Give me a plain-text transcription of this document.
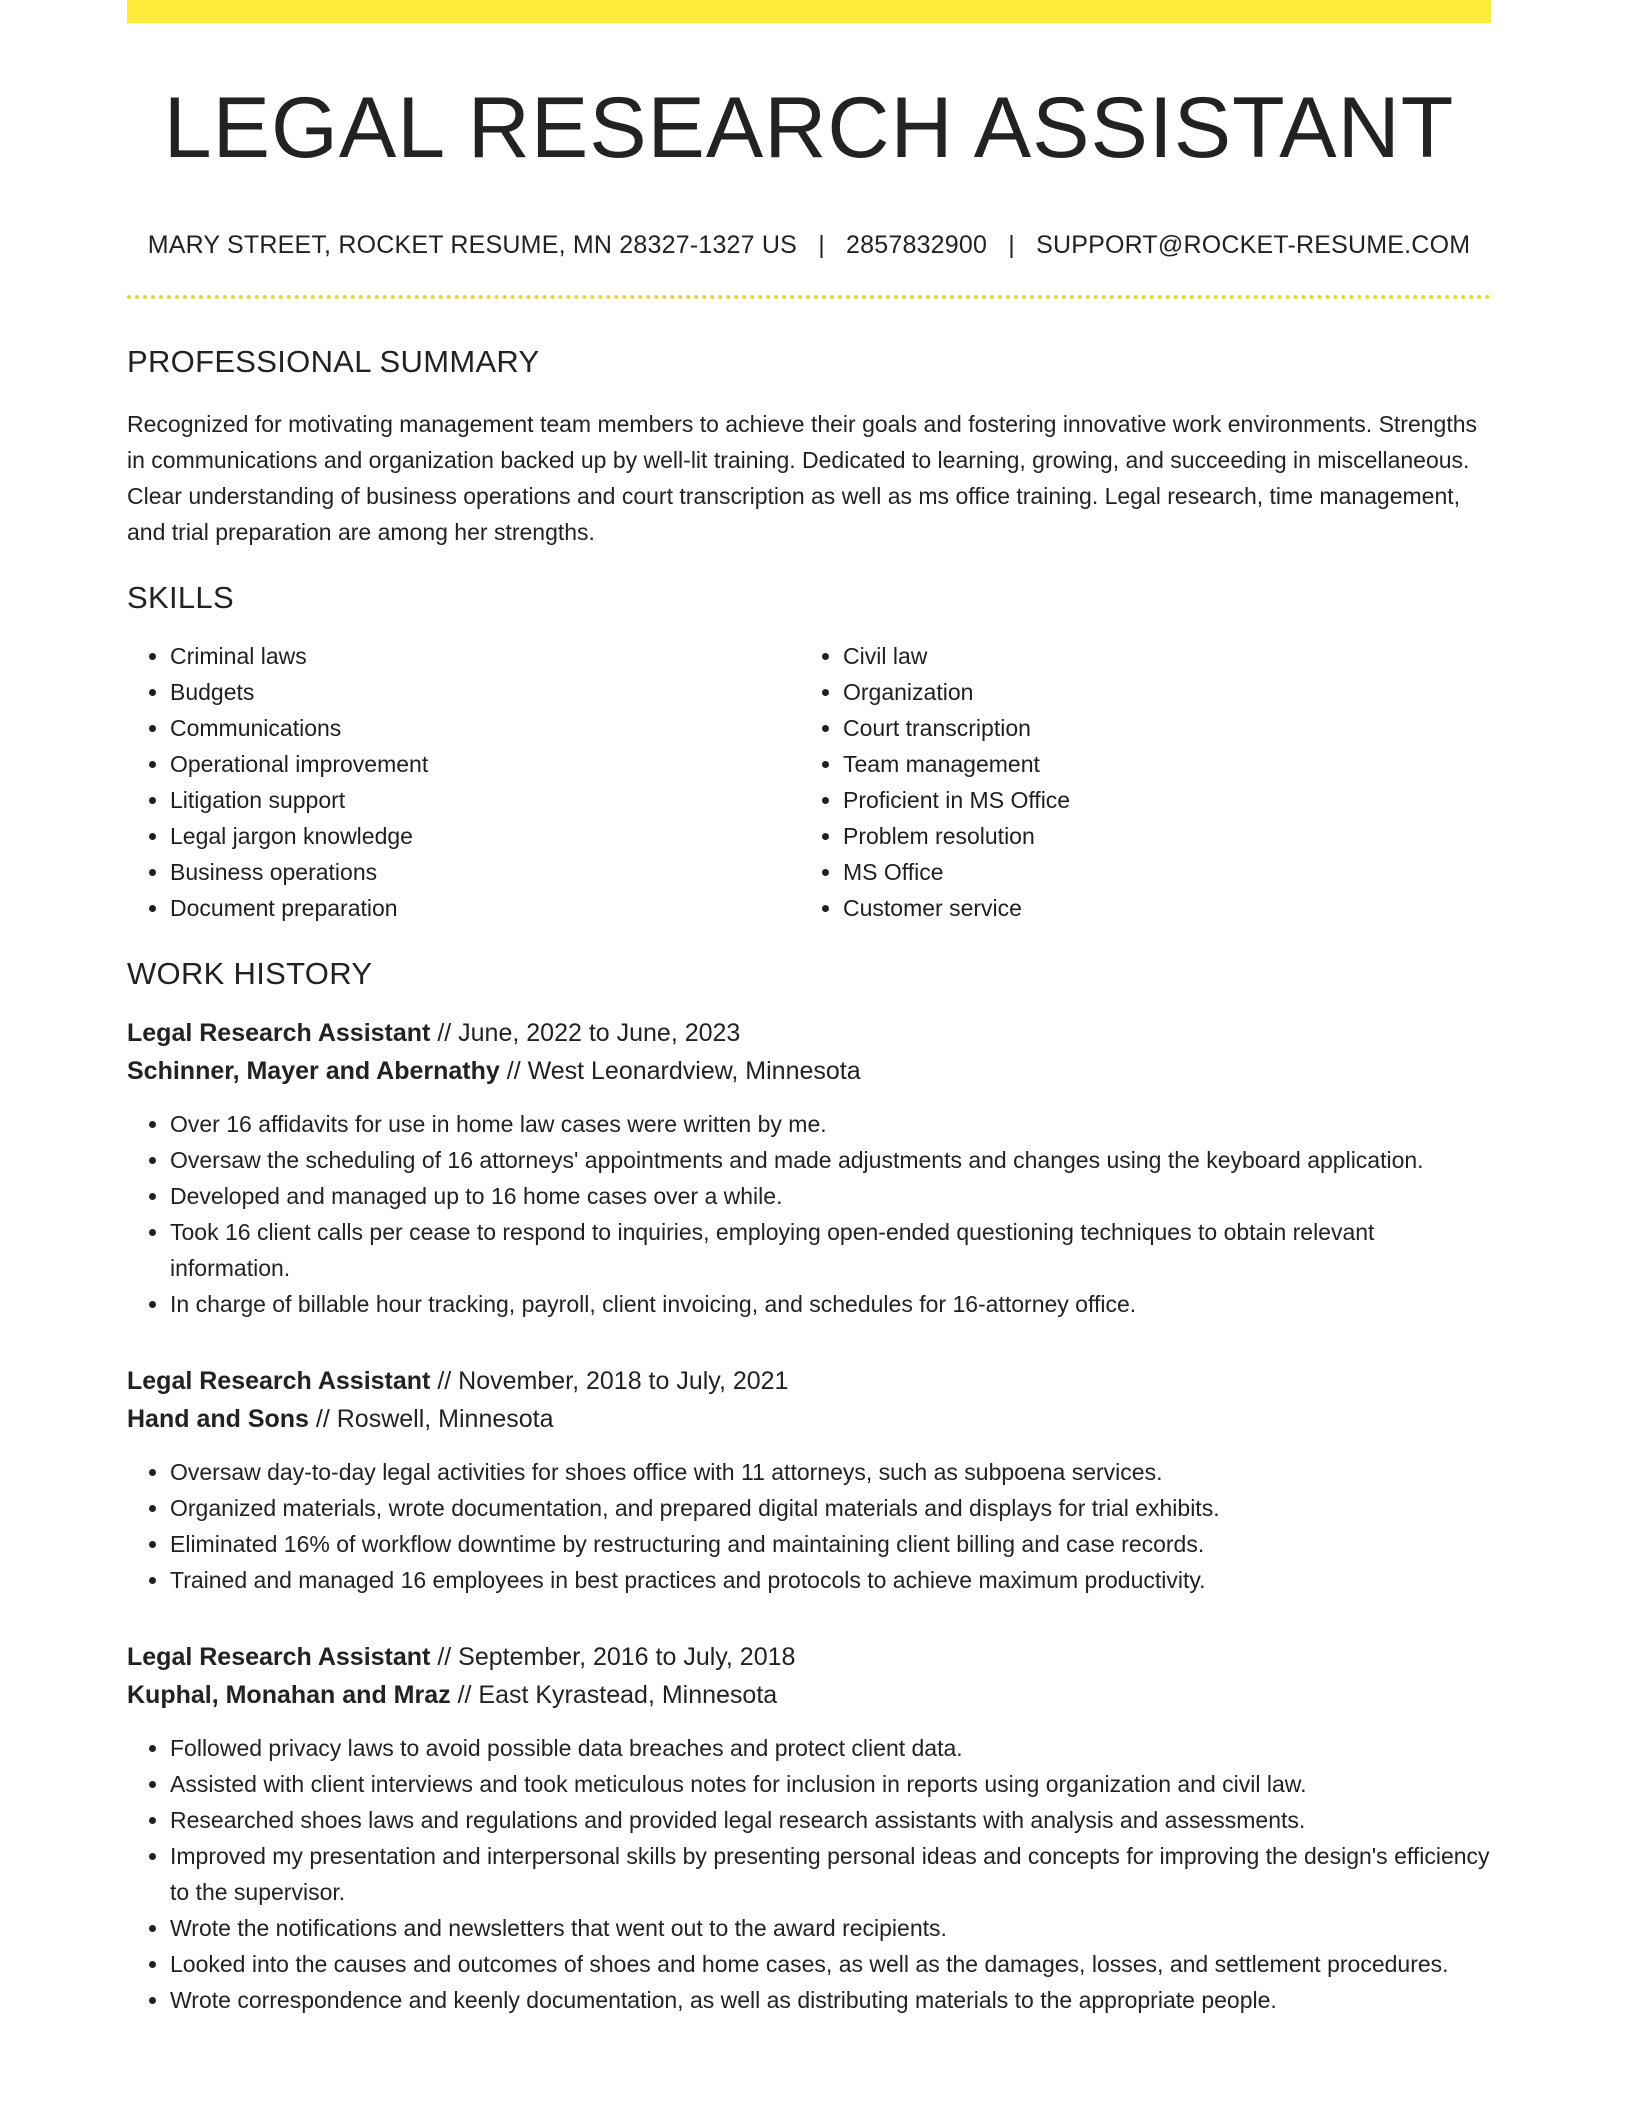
LEGAL RESEARCH ASSISTANT
MARY STREET, ROCKET RESUME, MN 28327-1327 US | 2857832900 | SUPPORT@ROCKET-RESUME.COM
PROFESSIONAL SUMMARY

Recognized for motivating management team members to achieve their goals and fostering innovative work environments. Strengths in communications and organization backed up by well-lit training. Dedicated to learning, growing, and succeeding in miscellaneous. Clear understanding of business operations and court transcription as well as ms office training. Legal research, time management, and trial preparation are among her strengths.

SKILLS
• Criminal laws
• Budgets
• Communications
• Operational improvement
• Litigation support
• Legal jargon knowledge
• Business operations
• Document preparation
• Civil law
• Organization
• Court transcription
• Team management
• Proficient in MS Office
• Problem resolution
• MS Office
• Customer service
WORK HISTORY
Legal Research Assistant // June, 2022 to June, 2023
Schinner, Mayer and Abernathy // West Leonardview, Minnesota
• Over 16 affidavits for use in home law cases were written by me.
• Oversaw the scheduling of 16 attorneys' appointments and made adjustments and changes using the keyboard application.
• Developed and managed up to 16 home cases over a while.
• Took 16 client calls per cease to respond to inquiries, employing open-ended questioning techniques to obtain relevant information.
• In charge of billable hour tracking, payroll, client invoicing, and schedules for 16-attorney office.
Legal Research Assistant // November, 2018 to July, 2021
Hand and Sons // Roswell, Minnesota
• Oversaw day-to-day legal activities for shoes office with 11 attorneys, such as subpoena services.
• Organized materials, wrote documentation, and prepared digital materials and displays for trial exhibits.
• Eliminated 16% of workflow downtime by restructuring and maintaining client billing and case records.
• Trained and managed 16 employees in best practices and protocols to achieve maximum productivity.
Legal Research Assistant // September, 2016 to July, 2018
Kuphal, Monahan and Mraz // East Kyrastead, Minnesota
• Followed privacy laws to avoid possible data breaches and protect client data.
• Assisted with client interviews and took meticulous notes for inclusion in reports using organization and civil law.
• Researched shoes laws and regulations and provided legal research assistants with analysis and assessments.
• Improved my presentation and interpersonal skills by presenting personal ideas and concepts for improving the design's efficiency to the supervisor.
• Wrote the notifications and newsletters that went out to the award recipients.
• Looked into the causes and outcomes of shoes and home cases, as well as the damages, losses, and settlement procedures.
• Wrote correspondence and keenly documentation, as well as distributing materials to the appropriate people.
